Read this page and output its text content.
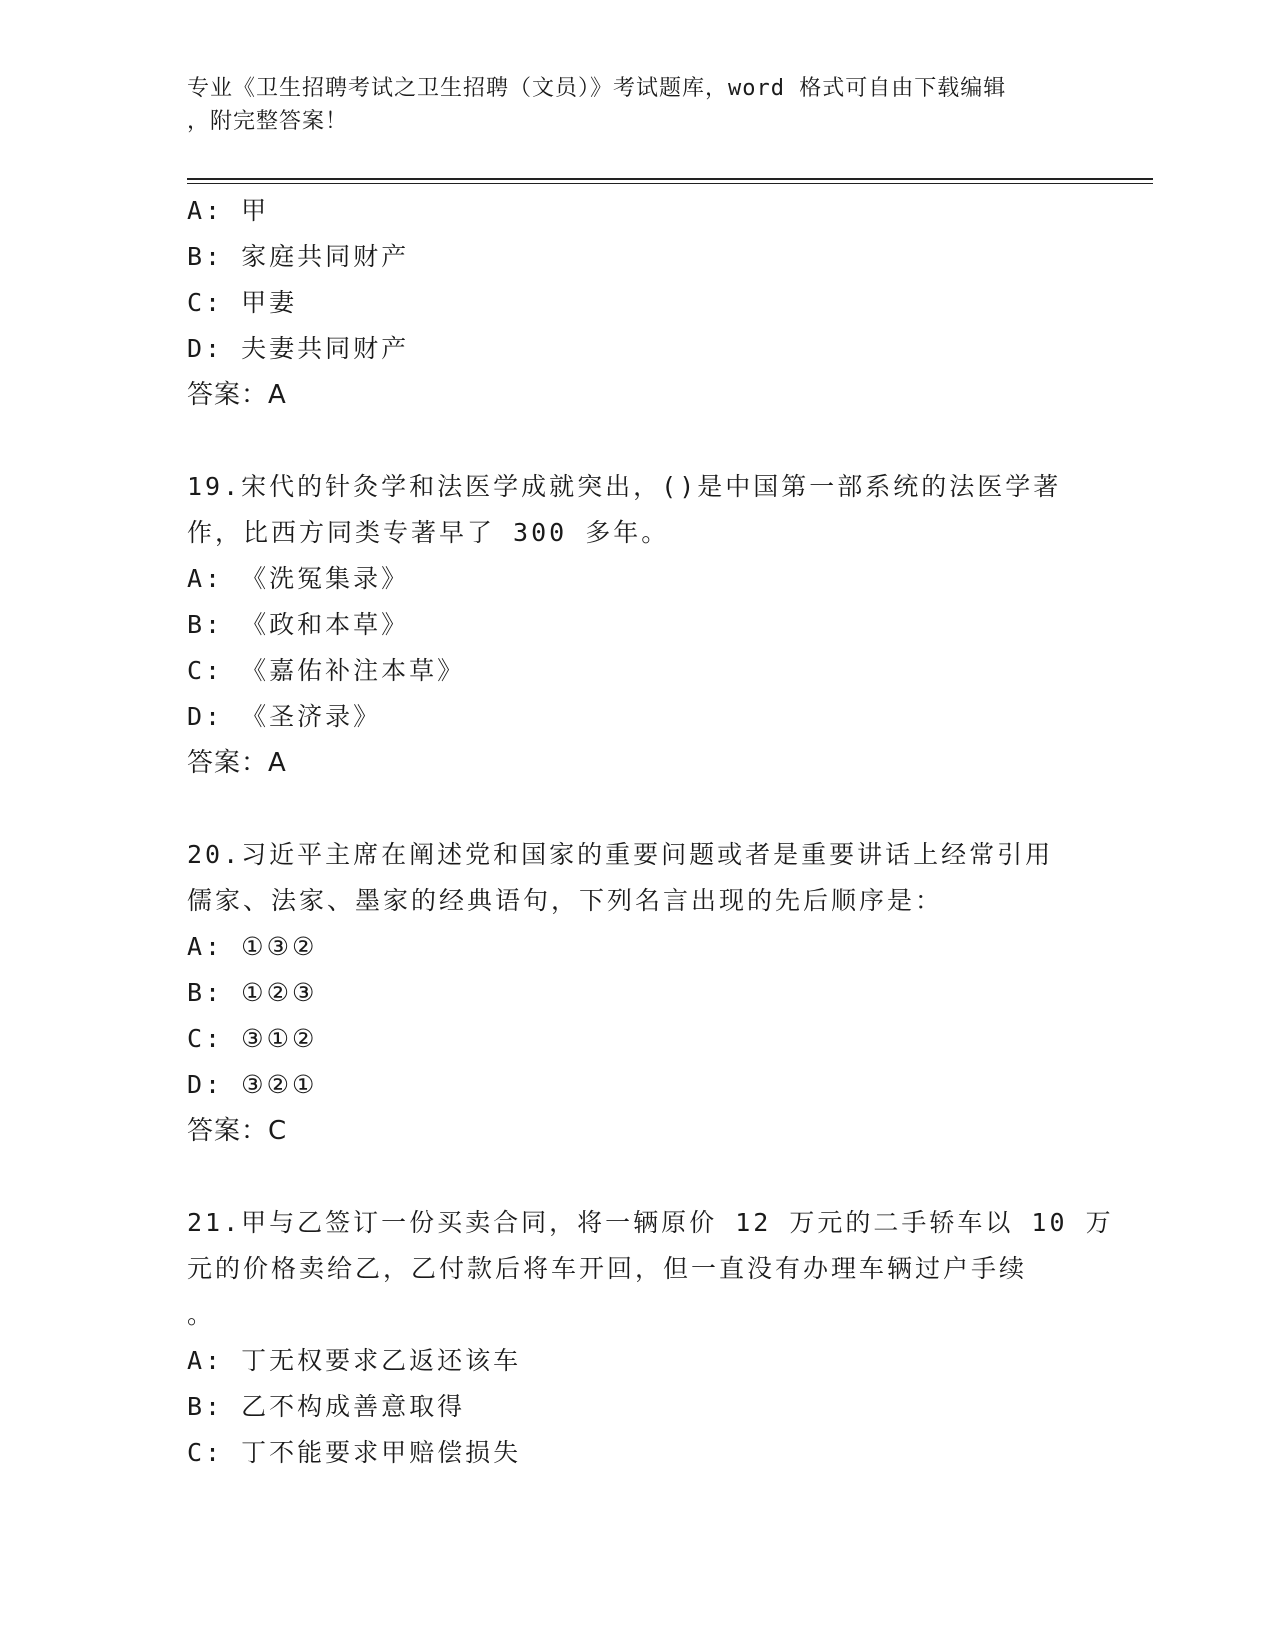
专业《卫生招聘考试之卫生招聘（文员）》考试题库，word 格式可自由下载编辑
，附完整答案！
A: 甲
B: 家庭共同财产
C: 甲妻
D: 夫妻共同财产
答案：A
19.宋代的针灸学和法医学成就突出，()是中国第一部系统的法医学著
作，比西方同类专著早了 300 多年。
A: 《洗冤集录》
B: 《政和本草》
C: 《嘉佑补注本草》
D: 《圣济录》
答案：A
20.习近平主席在阐述党和国家的重要问题或者是重要讲话上经常引用
儒家、法家、墨家的经典语句，下列名言出现的先后顺序是：
A: ①③②
B: ①②③
C: ③①②
D: ③②①
答案：C
21.甲与乙签订一份买卖合同，将一辆原价 12 万元的二手轿车以 10 万
元的价格卖给乙，乙付款后将车开回，但一直没有办理车辆过户手续
。
A: 丁无权要求乙返还该车
B: 乙不构成善意取得
C: 丁不能要求甲赔偿损失
